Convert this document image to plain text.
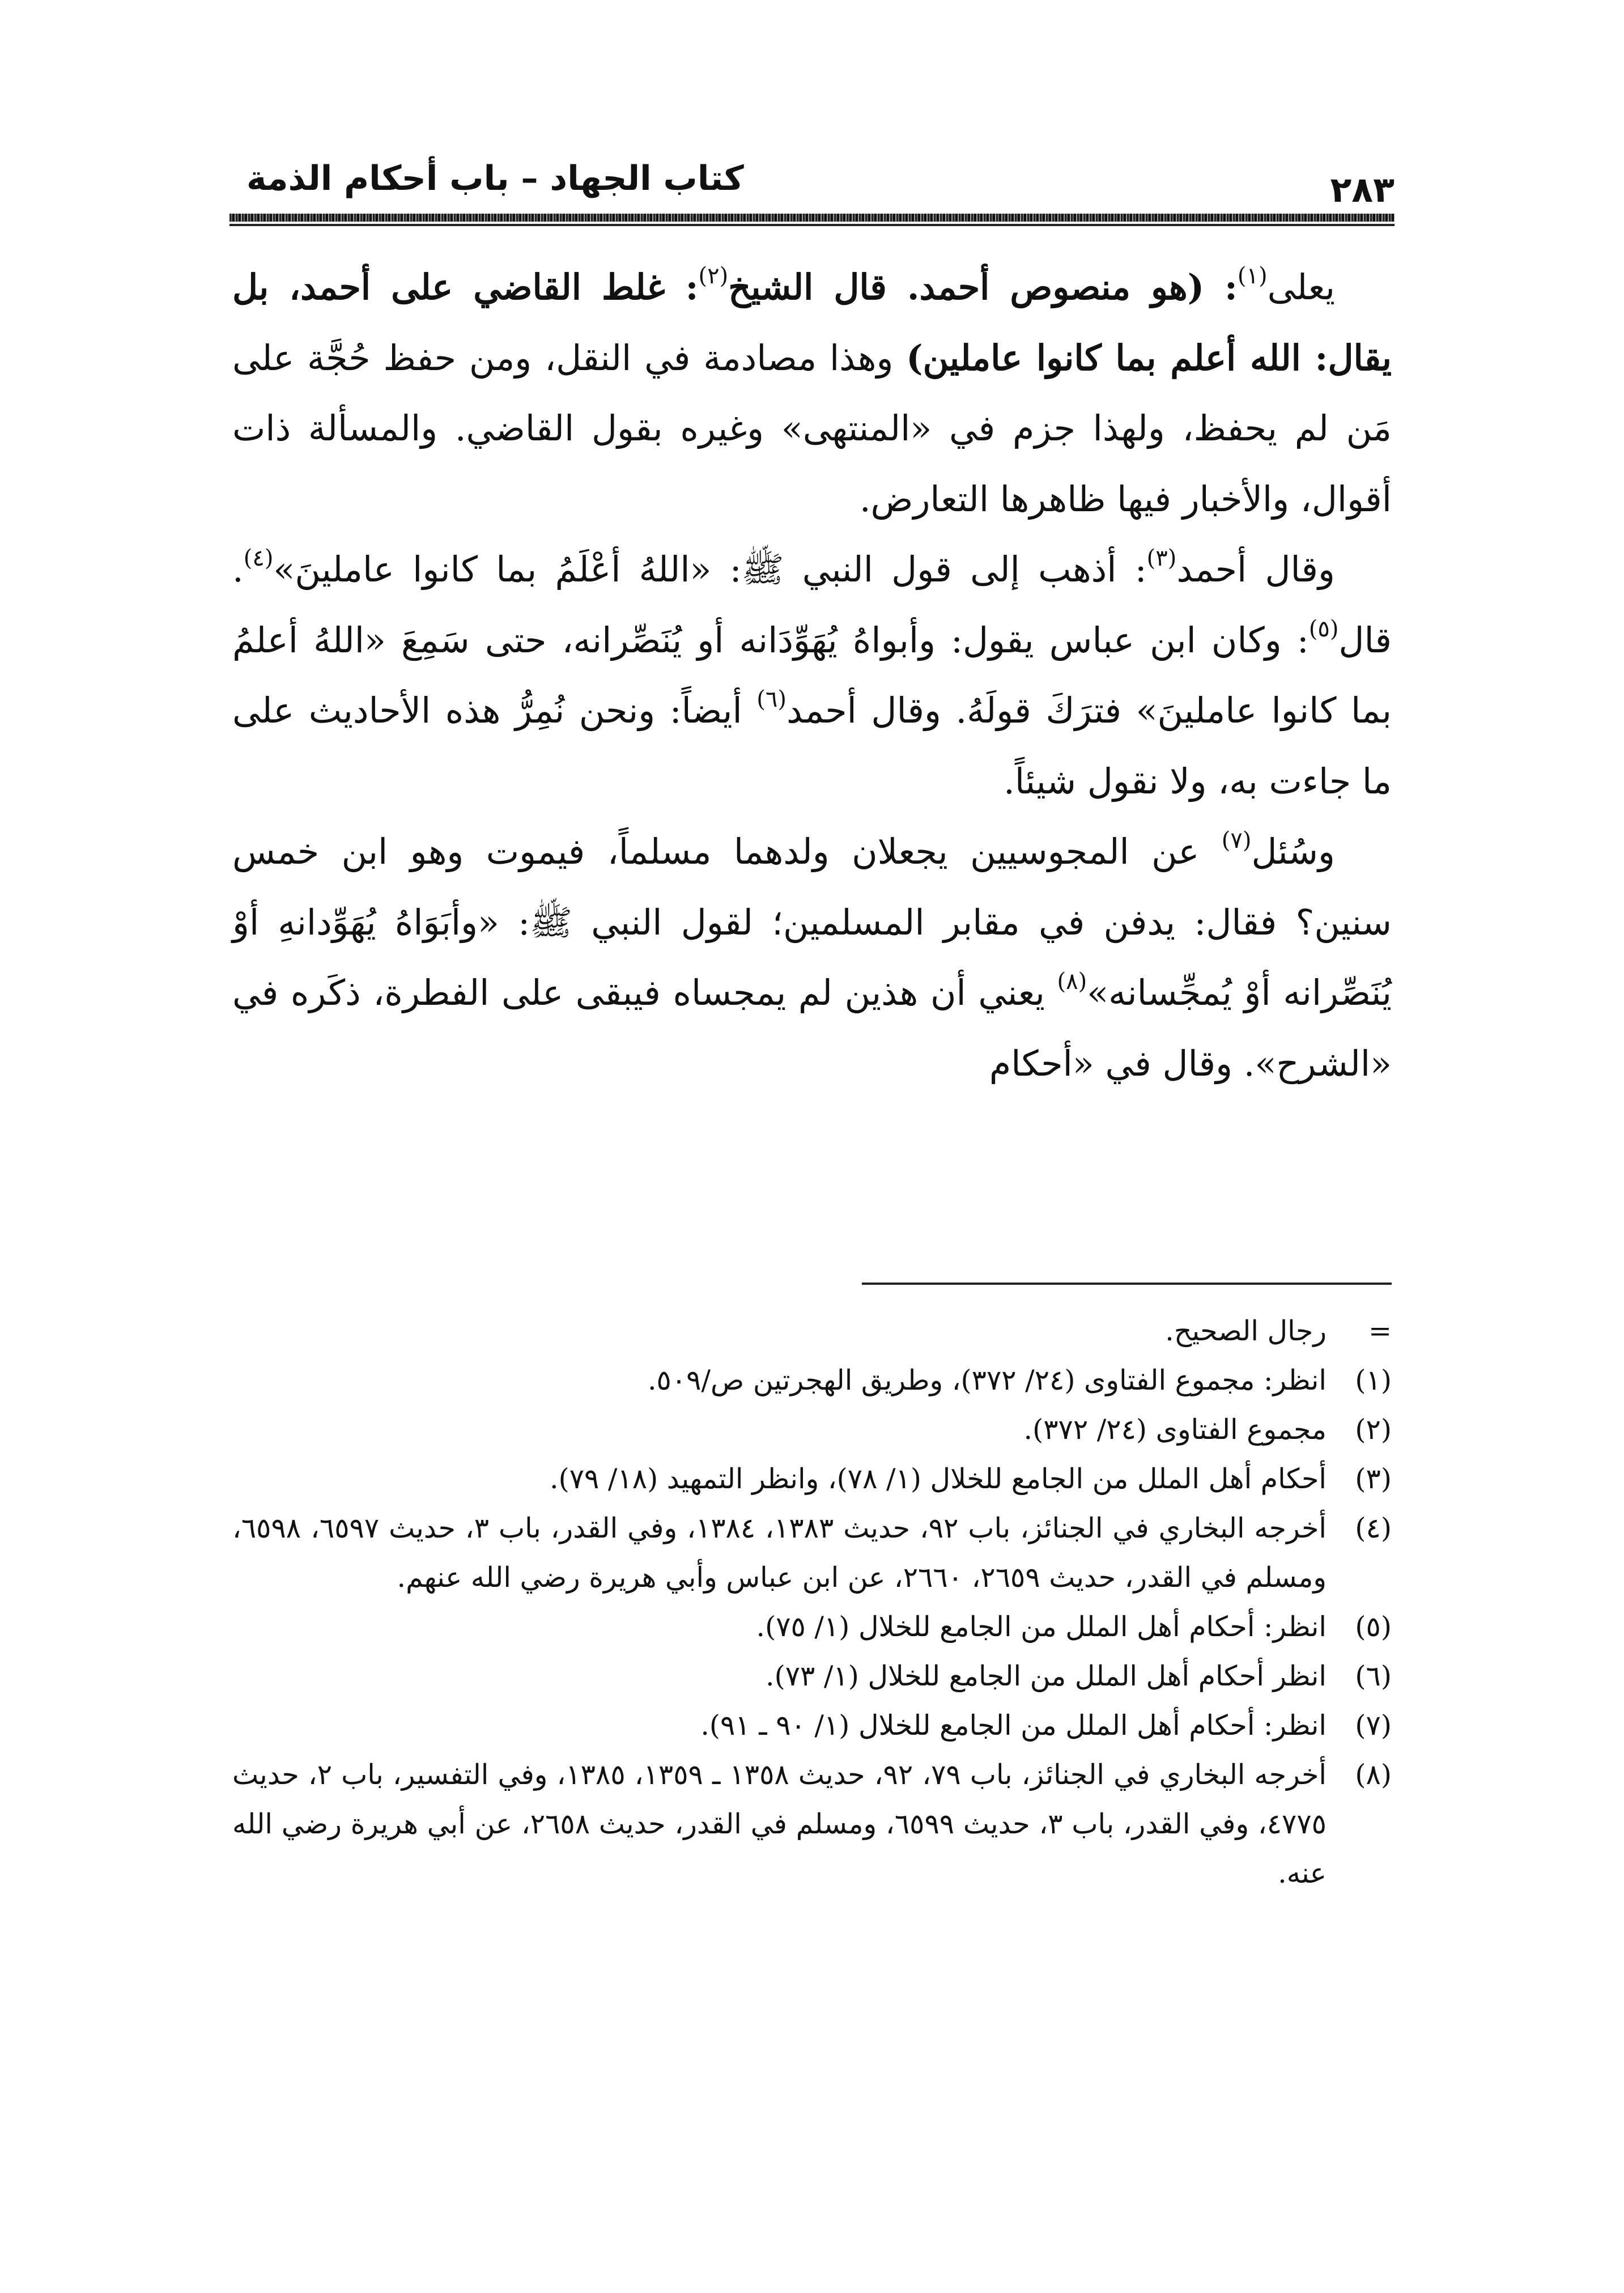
كتاب الجهاد – باب أحكام الذمة	٢٨٣

يعلى$^{(١)}$: (هو منصوص أحمد. قال الشيخ$^{(٢)}$: غلط القاضي على أحمد، بل يقال: الله أعلم بما كانوا عاملين) وهذا مصادمة في النقل، ومن حفظ حُجَّة على مَن لم يحفظ، ولهذا جزم في «المنتهى» وغيره بقول القاضي. والمسألة ذات أقوال، والأخبار فيها ظاهرها التعارض.

وقال أحمد$^{(٣)}$: أذهب إلى قول النبي ﷺ: «اللهُ أعْلَمُ بما كانوا عاملينَ»$^{(٤)}$. قال$^{(٥)}$: وكان ابن عباس يقول: وأبواهُ يُهَوِّدَانه أو يُنَصِّرانه، حتى سَمِعَ «اللهُ أعلمُ بما كانوا عاملينَ» فترَكَ قولَهُ. وقال أحمد$^{(٦)}$ أيضاً: ونحن نُمِرُّ هذه الأحاديث على ما جاءت به، ولا نقول شيئاً.

وسُئل$^{(٧)}$ عن المجوسيين يجعلان ولدهما مسلماً، فيموت وهو ابن خمس سنين؟ فقال: يدفن في مقابر المسلمين؛ لقول النبي ﷺ: «وأبَوَاهُ يُهَوِّدانهِ أوْ يُنَصِّرانه أوْ يُمجِّسانه»$^{(٨)}$ يعني أن هذين لم يمجساه فيبقى على الفطرة، ذكَره في «الشرح». وقال في «أحكام

=
رجال الصحيح.
(١)
انظر: مجموع الفتاوى (٢٤/ ٣٧٢)، وطريق الهجرتين ص/٥٠٩.
(٢)
مجموع الفتاوى (٢٤/ ٣٧٢).
(٣)
أحكام أهل الملل من الجامع للخلال (١/ ٧٨)، وانظر التمهيد (١٨/ ٧٩).
(٤)
أخرجه البخاري في الجنائز، باب ٩٢، حديث ١٣٨٣، ١٣٨٤، وفي القدر، باب ٣، حديث ٦٥٩٧، ٦٥٩٨، ومسلم في القدر، حديث ٢٦٥٩، ٢٦٦٠، عن ابن عباس وأبي هريرة رضي الله عنهم.
(٥)
انظر: أحكام أهل الملل من الجامع للخلال (١/ ٧٥).
(٦)
انظر أحكام أهل الملل من الجامع للخلال (١/ ٧٣).
(٧)
انظر: أحكام أهل الملل من الجامع للخلال (١/ ٩٠ ـ ٩١).
(٨)
أخرجه البخاري في الجنائز، باب ٧٩، ٩٢، حديث ١٣٥٨ ـ ١٣٥٩، ١٣٨٥، وفي التفسير، باب ٢، حديث ٤٧٧٥، وفي القدر، باب ٣، حديث ٦٥٩٩، ومسلم في القدر، حديث ٢٦٥٨، عن أبي هريرة رضي الله عنه.
